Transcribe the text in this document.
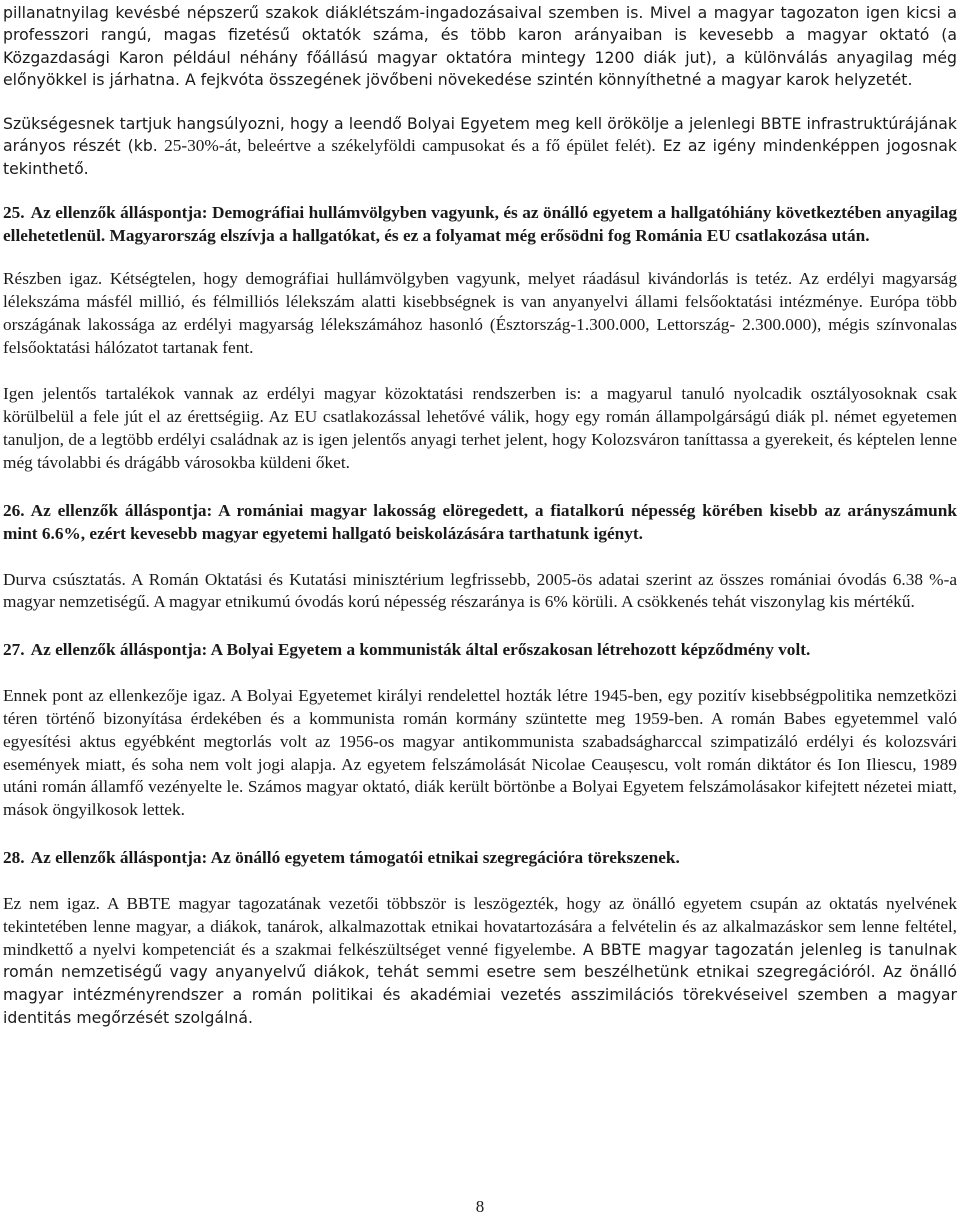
pillanatnyilag kevésbé népszerű szakok diáklétszám-ingadozásaival szemben is. Mivel a magyar tagozaton igen kicsi a professzori rangú, magas fizetésű oktatók száma, és több karon arányaiban is kevesebb a magyar oktató (a Közgazdasági Karon például néhány főállású magyar oktatóra mintegy 1200 diák jut), a különválás anyagilag még előnyökkel is járhatna. A fejkvóta összegének jövőbeni növekedése szintén könnyíthetné a magyar karok helyzetét.

Szükségesnek tartjuk hangsúlyozni, hogy a leendő Bolyai Egyetem meg kell örökölje a jelenlegi BBTE infrastruktúrájának arányos részét (kb. 25-30%-át, beleértve a székelyföldi campusokat és a fő épület felét). Ez az igény mindenképpen jogosnak tekinthető.

25. Az ellenzők álláspontja: Demográfiai hullámvölgyben vagyunk, és az önálló egyetem a hallgatóhiány következtében anyagilag ellehetetlenül. Magyarország elszívja a hallgatókat, és ez a folyamat még erősödni fog Románia EU csatlakozása után.

Részben igaz. Kétségtelen, hogy demográfiai hullámvölgyben vagyunk, melyet ráadásul kivándorlás is tetéz. Az erdélyi magyarság lélekszáma másfél millió, és félmilliós lélekszám alatti kisebbségnek is van anyanyelvi állami felsőoktatási intézménye. Európa több országának lakossága az erdélyi magyarság lélekszámához hasonló (Észtország-1.300.000, Lettország- 2.300.000), mégis színvonalas felsőoktatási hálózatot tartanak fent.

Igen jelentős tartalékok vannak az erdélyi magyar közoktatási rendszerben is: a magyarul tanuló nyolcadik osztályosoknak csak körülbelül a fele jút el az érettségiig. Az EU csatlakozással lehetővé válik, hogy egy román állampolgárságú diák pl. német egyetemen tanuljon, de a legtöbb erdélyi családnak az is igen jelentős anyagi terhet jelent, hogy Kolozsváron taníttassa a gyerekeit, és képtelen lenne még távolabbi és drágább városokba küldeni őket.

26. Az ellenzők álláspontja: A romániai magyar lakosság elöregedett, a fiatalkorú népesség körében kisebb az arányszámunk mint 6.6%, ezért kevesebb magyar egyetemi hallgató beiskolázására tarthatunk igényt.

Durva csúsztatás. A Román Oktatási és Kutatási minisztérium legfrissebb, 2005-ös adatai szerint az összes romániai óvodás 6.38 %-a magyar nemzetiségű. A magyar etnikumú óvodás korú népesség részaránya is 6% körüli. A csökkenés tehát viszonylag kis mértékű.

27. Az ellenzők álláspontja: A Bolyai Egyetem a kommunisták által erőszakosan létrehozott képződmény volt.

Ennek pont az ellenkezője igaz. A Bolyai Egyetemet királyi rendelettel hozták létre 1945-ben, egy pozitív kisebbségpolitika nemzetközi téren történő bizonyítása érdekében és a kommunista román kormány szüntette meg 1959-ben. A román Babes egyetemmel való egyesítési aktus egyébként megtorlás volt az 1956-os magyar antikommunista szabadságharccal szimpatizáló erdélyi és kolozsvári események miatt, és soha nem volt jogi alapja. Az egyetem felszámolását Nicolae Ceaușescu, volt román diktátor és Ion Iliescu, 1989 utáni román államfő vezényelte le. Számos magyar oktató, diák került börtönbe a Bolyai Egyetem felszámolásakor kifejtett nézetei miatt, mások öngyilkosok lettek.

28. Az ellenzők álláspontja: Az önálló egyetem támogatói etnikai szegregációra törekszenek.

Ez nem igaz. A BBTE magyar tagozatának vezetői többször is leszögezték, hogy az önálló egyetem csupán az oktatás nyelvének tekintetében lenne magyar, a diákok, tanárok, alkalmazottak etnikai hovatartozására a felvételin és az alkalmazáskor sem lenne feltétel, mindkettő a nyelvi kompetenciát és a szakmai felkészültséget venné figyelembe. A BBTE magyar tagozatán jelenleg is tanulnak román nemzetiségű vagy anyanyelvű diákok, tehát semmi esetre sem beszélhetünk etnikai szegregációról. Az önálló magyar intézményrendszer a román politikai és akadémiai vezetés asszimilációs törekvéseivel szemben a magyar identitás megőrzését szolgálná.

8
